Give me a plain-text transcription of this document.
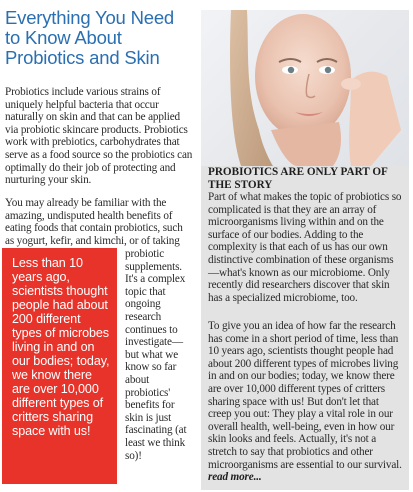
Everything You Need to Know About Probiotics and Skin

Probiotics include various strains of uniquely helpful bacteria that occur naturally on skin and that can be applied via probiotic skincare products. Probiotics work with prebiotics, carbohydrates that serve as a food source so the probiotics can optimally do their job of protecting and nurturing your skin.

You may already be familiar with the amazing, undisputed health benefits of eating foods that contain probiotics, such as yogurt, kefir, and kimchi, or of taking

probiotic supplements. It's a complex topic that ongoing research continues to investigate—but what we know so far about probiotics' benefits for skin is just fascinating (at least we think so)!

Less than 10 years ago, scientists thought people had about 200 different types of microbes living in and on our bodies; today, we know there are over 10,000 different types of critters sharing space with us!
PROBIOTICS ARE ONLY PART OF THE STORY

Part of what makes the topic of probiotics so complicated is that they are an array of microorganisms living within and on the surface of our bodies. Adding to the complexity is that each of us has our own distinctive combination of these organisms—what's known as our microbiome. Only recently did researchers discover that skin has a specialized microbiome, too.

To give you an idea of how far the research has come in a short period of time, less than 10 years ago, scientists thought people had about 200 different types of microbes living in and on our bodies; today, we know there are over 10,000 different types of critters sharing space with us! But don't let that creep you out: They play a vital role in our overall health, well-being, even in how our skin looks and feels. Actually, it's not a stretch to say that probiotics and other microorganisms are essential to our survival. read more...
